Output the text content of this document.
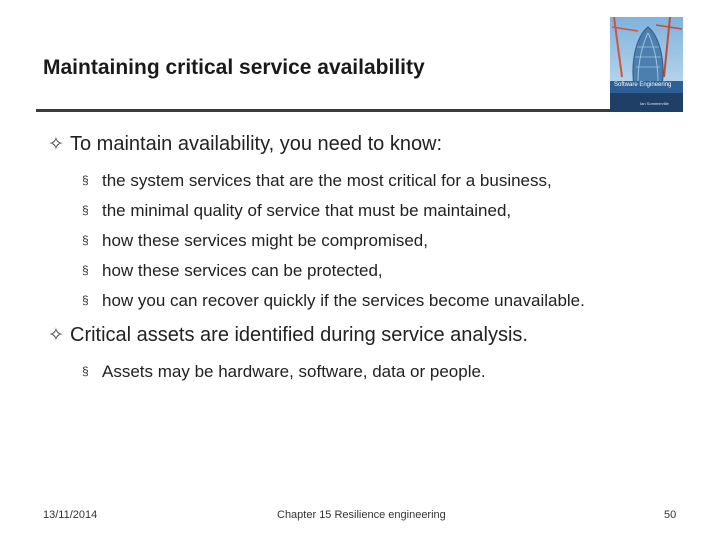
Maintaining critical service availability
Software Engineering
Ian Sommerville
✧ To maintain availability, you need to know:
§ the system services that are the most critical for a business,
§ the minimal quality of service that must be maintained,
§ how these services might be compromised,
§ how these services can be protected,
§ how you can recover quickly if the services become unavailable.
✧ Critical assets are identified during service analysis.
§ Assets may be hardware, software, data or people.
13/11/2014	Chapter 15 Resilience engineering	50
